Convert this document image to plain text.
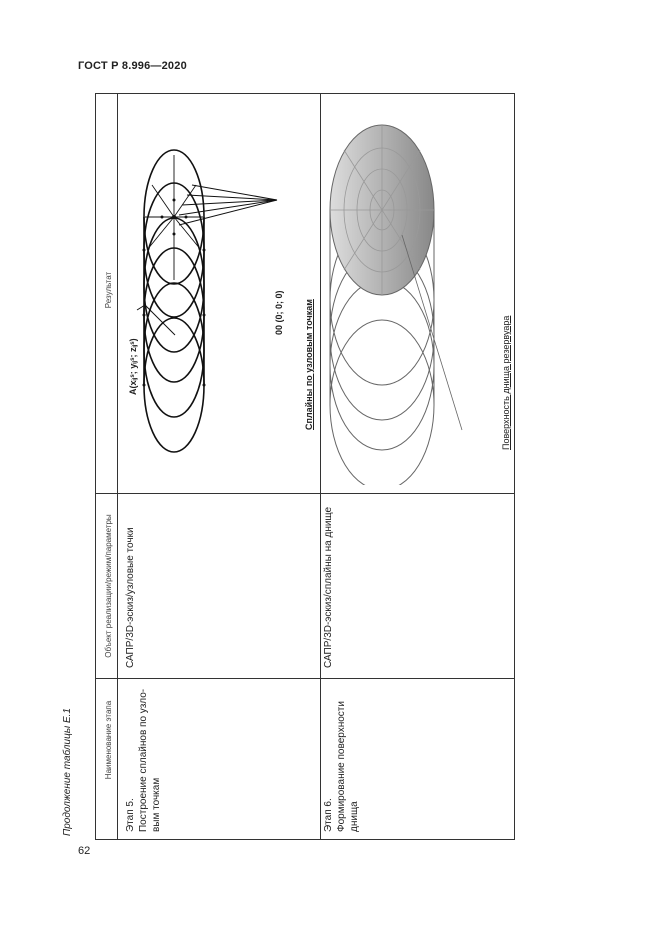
ГОСТ Р 8.996—2020
Продолжение таблицы Е.1
62
Наименование этапа
Объект реализации/режим/параметры
Результат
Этап 5.
Построение сплайнов по узло-
вым точкам
САПР/3D-эскиз/узловые точки
Этап 6.
Формирование поверхности
днища
САПР/3D-эскиз/сплайны на днище
A(xᵢⱼˢ; yᵢⱼˢ; zᵢⱼˢ)
00 (0; 0; 0) Сплайны по узловым точкам	Поверхность днища резервуара
